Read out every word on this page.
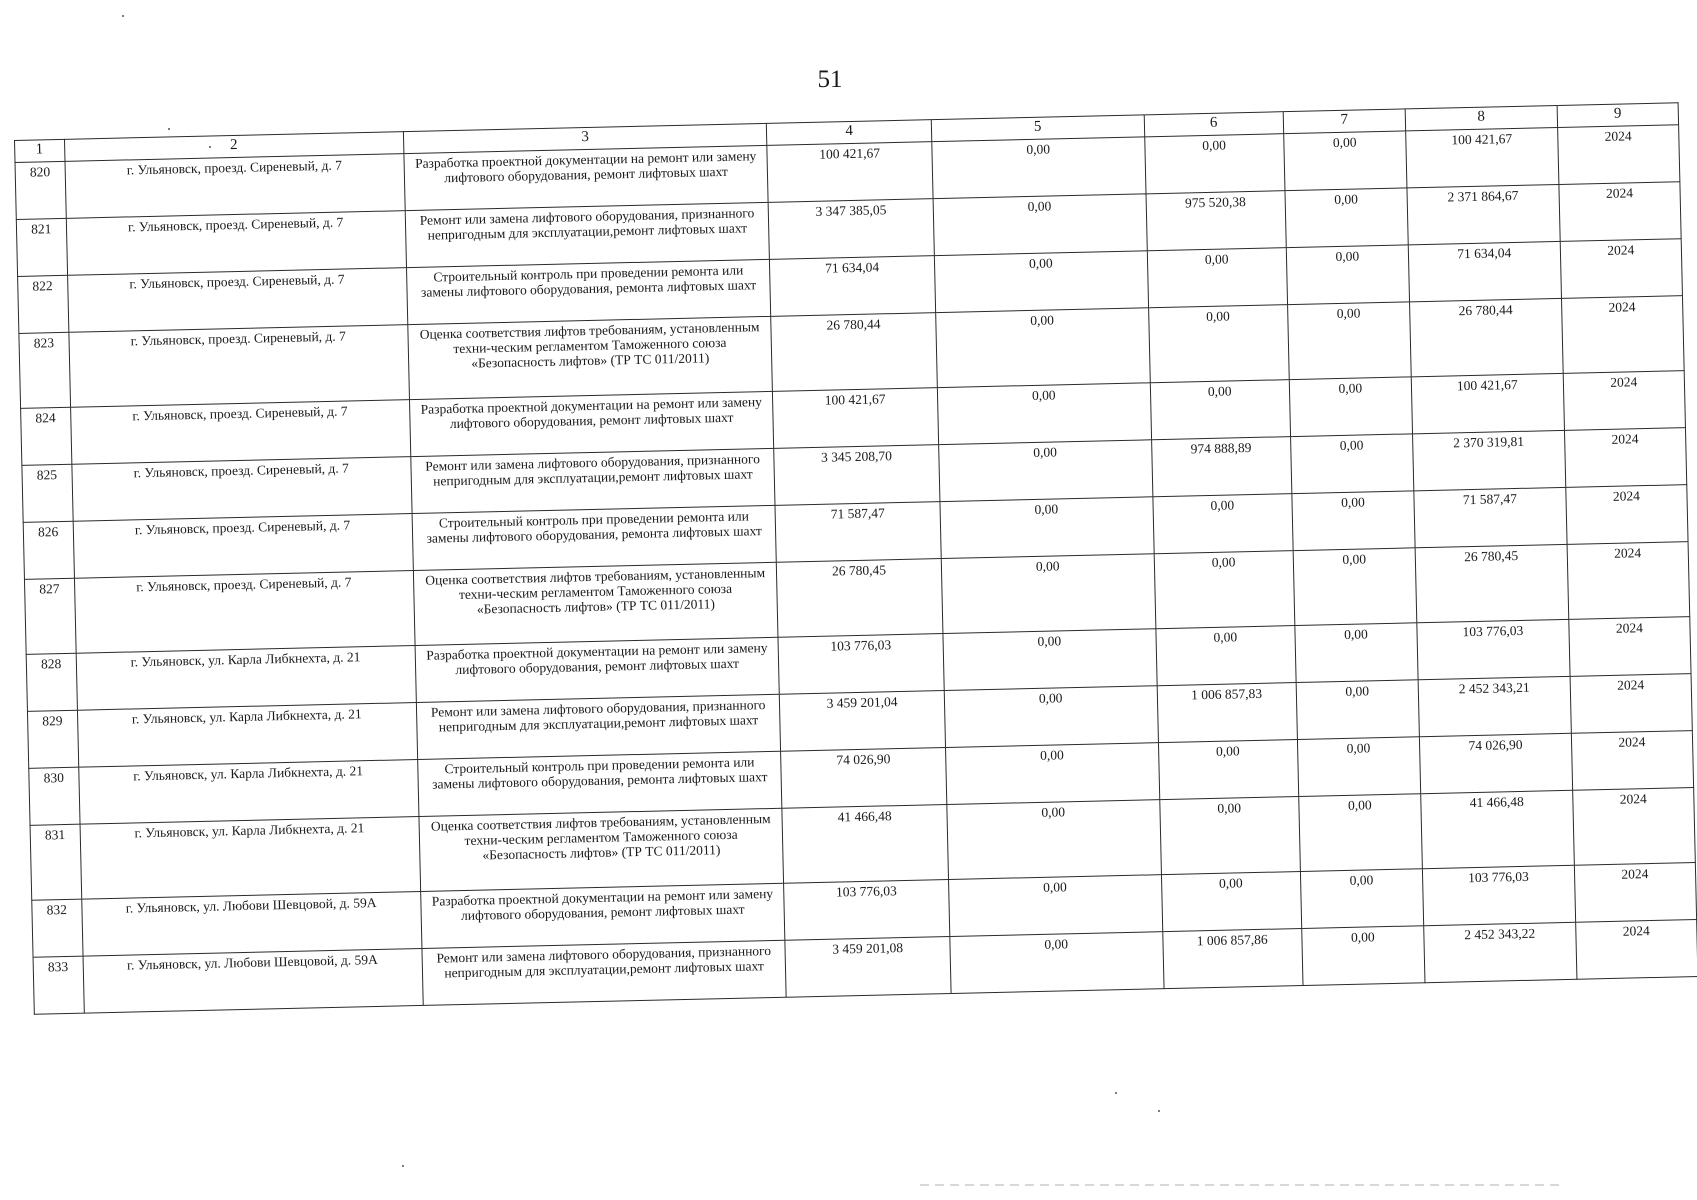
51
1	2	3	4	5	6	7	8	9
820	г. Ульяновск, проезд. Сиреневый, д. 7	Разработка проектной документации на ремонт или замену лифтового оборудования, ремонт лифтовых шахт	100 421,67	0,00	0,00	0,00	100 421,67	2024
821	г. Ульяновск, проезд. Сиреневый, д. 7	Ремонт или замена лифтового оборудования, признанного непригодным для эксплуатации,ремонт лифтовых шахт	3 347 385,05	0,00	975 520,38	0,00	2 371 864,67	2024
822	г. Ульяновск, проезд. Сиреневый, д. 7	Строительный контроль при проведении ремонта или замены лифтового оборудования, ремонта лифтовых шахт	71 634,04	0,00	0,00	0,00	71 634,04	2024
823	г. Ульяновск, проезд. Сиреневый, д. 7	Оценка соответствия лифтов требованиям, установленным техни-ческим регламентом Таможенного союза «Безопасность лифтов» (ТР ТС 011/2011)	26 780,44	0,00	0,00	0,00	26 780,44	2024
824	г. Ульяновск, проезд. Сиреневый, д. 7	Разработка проектной документации на ремонт или замену лифтового оборудования, ремонт лифтовых шахт	100 421,67	0,00	0,00	0,00	100 421,67	2024
825	г. Ульяновск, проезд. Сиреневый, д. 7	Ремонт или замена лифтового оборудования, признанного непригодным для эксплуатации,ремонт лифтовых шахт	3 345 208,70	0,00	974 888,89	0,00	2 370 319,81	2024
826	г. Ульяновск, проезд. Сиреневый, д. 7	Строительный контроль при проведении ремонта или замены лифтового оборудования, ремонта лифтовых шахт	71 587,47	0,00	0,00	0,00	71 587,47	2024
827	г. Ульяновск, проезд. Сиреневый, д. 7	Оценка соответствия лифтов требованиям, установленным техни-ческим регламентом Таможенного союза «Безопасность лифтов» (ТР ТС 011/2011)	26 780,45	0,00	0,00	0,00	26 780,45	2024
828	г. Ульяновск, ул. Карла Либкнехта, д. 21	Разработка проектной документации на ремонт или замену лифтового оборудования, ремонт лифтовых шахт	103 776,03	0,00	0,00	0,00	103 776,03	2024
829	г. Ульяновск, ул. Карла Либкнехта, д. 21	Ремонт или замена лифтового оборудования, признанного непригодным для эксплуатации,ремонт лифтовых шахт	3 459 201,04	0,00	1 006 857,83	0,00	2 452 343,21	2024
830	г. Ульяновск, ул. Карла Либкнехта, д. 21	Строительный контроль при проведении ремонта или замены лифтового оборудования, ремонта лифтовых шахт	74 026,90	0,00	0,00	0,00	74 026,90	2024
831	г. Ульяновск, ул. Карла Либкнехта, д. 21	Оценка соответствия лифтов требованиям, установленным техни-ческим регламентом Таможенного союза «Безопасность лифтов» (ТР ТС 011/2011)	41 466,48	0,00	0,00	0,00	41 466,48	2024
832	г. Ульяновск, ул. Любови Шевцовой, д. 59А	Разработка проектной документации на ремонт или замену лифтового оборудования, ремонт лифтовых шахт	103 776,03	0,00	0,00	0,00	103 776,03	2024
833	г. Ульяновск, ул. Любови Шевцовой, д. 59А	Ремонт или замена лифтового оборудования, признанного непригодным для эксплуатации,ремонт лифтовых шахт	3 459 201,08	0,00	1 006 857,86	0,00	2 452 343,22	2024
